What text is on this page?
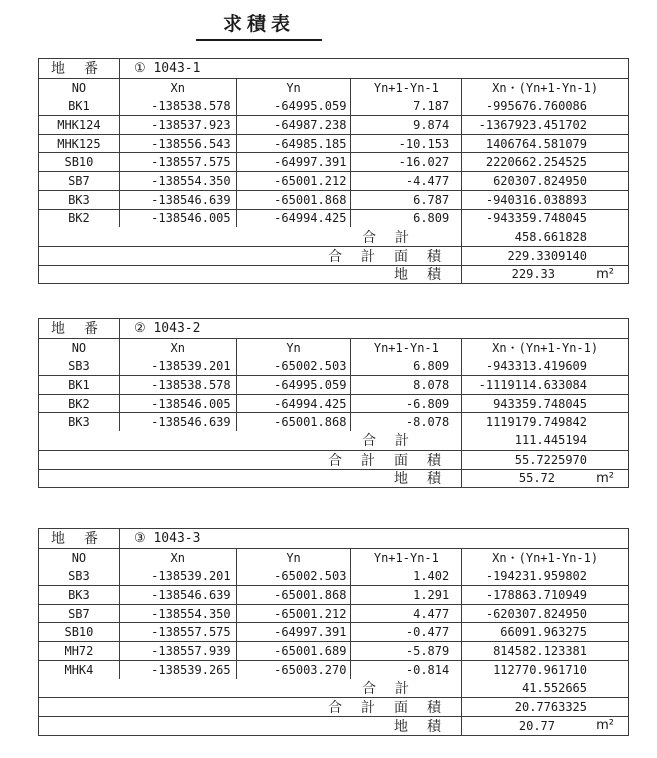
求積表
地番	① 1043-1
NO	Xn	Yn	Yn+1-Yn-1	Xn・(Yn+1-Yn-1)
BK1	-138538.578	-64995.059	7.187	-995676.760086
MHK124	-138537.923	-64987.238	9.874	-1367923.451702
MHK125	-138556.543	-64985.185	-10.153	1406764.581079
SB10	-138557.575	-64997.391	-16.027	2220662.254525
SB7	-138554.350	-65001.212	-4.477	620307.824950
BK3	-138546.639	-65001.868	6.787	-940316.038893
BK2	-138546.005	-64994.425	6.809	-943359.748045
合計	458.661828
合計面積	229.3309140
地積	229.33	m²
地番	② 1043-2
NO	Xn	Yn	Yn+1-Yn-1	Xn・(Yn+1-Yn-1)
SB3	-138539.201	-65002.503	6.809	-943313.419609
BK1	-138538.578	-64995.059	8.078	-1119114.633084
BK2	-138546.005	-64994.425	-6.809	943359.748045
BK3	-138546.639	-65001.868	-8.078	1119179.749842
合計	111.445194
合計面積	55.7225970
地積	55.72	m²
地番	③ 1043-3
NO	Xn	Yn	Yn+1-Yn-1	Xn・(Yn+1-Yn-1)
SB3	-138539.201	-65002.503	1.402	-194231.959802
BK3	-138546.639	-65001.868	1.291	-178863.710949
SB7	-138554.350	-65001.212	4.477	-620307.824950
SB10	-138557.575	-64997.391	-0.477	66091.963275
MH72	-138557.939	-65001.689	-5.879	814582.123381
MHK4	-138539.265	-65003.270	-0.814	112770.961710
合計	41.552665
合計面積	20.7763325
地積	20.77	m²
